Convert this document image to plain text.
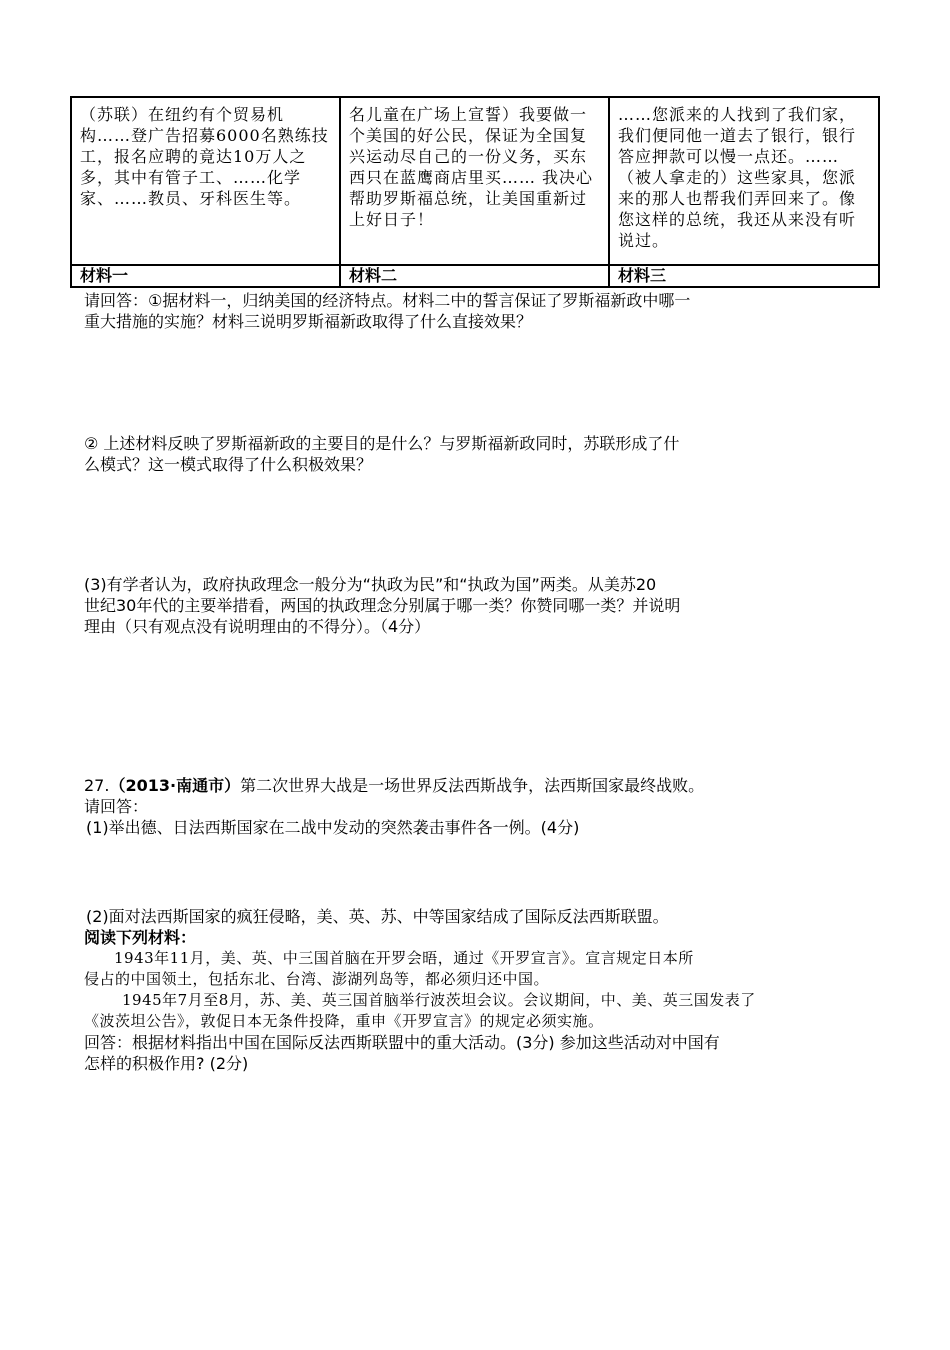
（苏联）在纽约有个贸易机构……登广告招募6000名熟练技工，报名应聘的竟达10万人之多，其中有管子工、……化学家、……教员、牙科医生等。	名儿童在广场上宣誓）我要做一个美国的好公民，保证为全国复兴运动尽自己的一份义务，买东西只在蓝鹰商店里买…… 我决心帮助罗斯福总统，让美国重新过上好日子！	……您派来的人找到了我们家，我们便同他一道去了银行，银行答应押款可以慢一点还。……（被人拿走的）这些家具，您派来的那人也帮我们弄回来了。像您这样的总统，我还从来没有听说过。
材料一	材料二	材料三

请回答：①据材料一，归纳美国的经济特点。材料二中的誓言保证了罗斯福新政中哪一

重大措施的实施？材料三说明罗斯福新政取得了什么直接效果？

② 上述材料反映了罗斯福新政的主要目的是什么？与罗斯福新政同时，苏联形成了什

么模式？这一模式取得了什么积极效果？

(3)有学者认为，政府执政理念一般分为“执政为民”和“执政为国”两类。从美苏20

世纪30年代的主要举措看，两国的执政理念分别属于哪一类？你赞同哪一类？并说明

理由（只有观点没有说明理由的不得分）。（4分）

27.（2013·南通市）第二次世界大战是一场世界反法西斯战争，法西斯国家最终战败。

请回答：

(1)举出德、日法西斯国家在二战中发动的突然袭击事件各一例。(4分)

(2)面对法西斯国家的疯狂侵略，美、英、苏、中等国家结成了国际反法西斯联盟。

阅读下列材料：

1943年11月，美、英、中三国首脑在开罗会晤，通过《开罗宣言》。宣言规定日本所

侵占的中国领土，包括东北、台湾、澎湖列岛等，都必须归还中国。

1945年7月至8月，苏、美、英三国首脑举行波茨坦会议。会议期间，中、美、英三国发表了

《波茨坦公告》，敦促日本无条件投降，重申《开罗宣言》的规定必须实施。

回答：根据材料指出中国在国际反法西斯联盟中的重大活动。(3分) 参加这些活动对中国有

怎样的积极作用? (2分)
